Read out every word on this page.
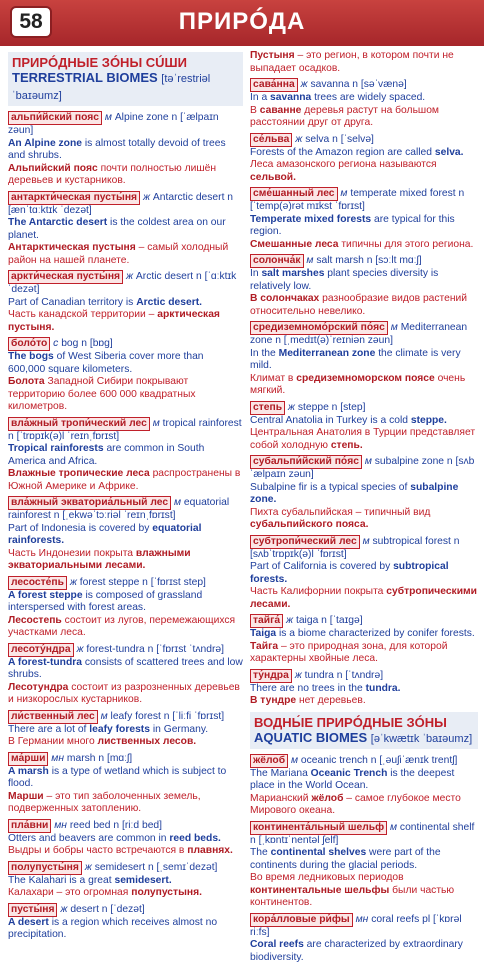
ПРИРÓДА
58
ПРИРÓДНЫЕ ЗÓНЫ СÚШИ
TERRESTRIAL BIOMES [təˈrestriəl ˈbaɪəumz]
альпи́йский пояс м Alpine zone n [ˈælpaɪn zəun]
An Alpine zone is almost totally devoid of trees and shrubs.
Альпийский пояс почти полностью лишён деревьев и кустарников.
антаркти́ческая пусты́ня ж Antarctic desert n [ænˈtɑːktɪk ˈdezət]
The Antarctic desert is the coldest area on our planet.
Антарктическая пустыня – самый холодный район на нашей планете.
аркти́ческая пусты́ня ж Arctic desert n [ˈɑːktɪk ˈdezət]
Part of Canadian territory is Arctic desert.
Часть канадской территории – арктическая пустыня.
боло́то с bog n [bɒɡ]
The bogs of West Siberia cover more than 600,000 square kilometers.
Болота Западной Сибири покрывают территорию более 600 000 квадратных километров.
вла́жный тропи́ческий лес м tropical rainforest n [ˈtrɒpɪk(ə)l ˈreɪnˌfɒrɪst]
Tropical rainforests are common in South America and Africa.
Влажные тропические леса распространены в Южной Америке и Африке.
вла́жный экваториа́льный лес м equatorial rainforest n [ˌekwəˈtɔːriəl ˈreɪnˌfɒrɪst]
Part of Indonesia is covered by equatorial rainforests.
Часть Индонезии покрыта влажными экваториальными лесами.
лесосте́пь ж forest steppe n [ˈfɒrɪst step]
A forest steppe is composed of grassland interspersed with forest areas.
Лесостепь состоит из лугов, перемежающихся участками леса.
лесоту́ндра ж forest-tundra n [ˈfɒrɪst ˈtʌndrə]
A forest-tundra consists of scattered trees and low shrubs.
Лесотундра состоит из разрозненных деревьев и низкорослых кустарников.
ли́ственный лес м leafy forest n [ˈliːfi ˈfɒrɪst]
There are a lot of leafy forests in Germany.
В Германии много лиственных лесов.
ма́рши мн marsh n [mɑːʃ]
A marsh is a type of wetland which is subject to flood.
Марши – это тип заболоченных земель, подверженных затоплению.
пла́вни мн reed bed n [riːd bed]
Otters and beavers are common in reed beds.
Выдры и бобры часто встречаются в плавнях.
полупусты́ня ж semidesert n [ˌsemɪˈdezət]
The Kalahari is a great semidesert.
Калахари – это огромная полупустыня.
пусты́ня ж desert n [ˈdezət]
A desert is a region which receives almost no precipitation.
Пустыня – это регион, в котором почти не выпадает осадков.
сава́нна ж savanna n [səˈvænə]
In a savanna trees are widely spaced.
В саванне деревья растут на большом расстоянии друг от друга.
се́львa ж selva n [ˈselvə]
Forests of the Amazon region are called selva.
Леса амазонского региона называются сельвой.
сме́шанный лес м temperate mixed forest n [ˈtemp(ə)rət mɪkst ˈfɒrɪst]
Temperate mixed forests are typical for this region.
Смешанные леса типичны для этого региона.
солонча́к м salt marsh n [sɔːlt mɑːʃ]
In salt marshes plant species diversity is relatively low.
В солончаках разнообразие видов растений относительно невелико.
средиземномо́рский по́яс м Mediterranean zone n [ˌmedɪt(ə)ˈreɪniən zəun]
In the Mediterranean zone the climate is very mild.
Климат в средиземноморском поясе очень мягкий.
степь ж steppe n [step]
Central Anatolia in Turkey is a cold steppe.
Центральная Анатолия в Турции представляет собой холодную степь.
субальпи́йский по́яс м subalpine zone n [sʌbˈælpaɪn zəun]
Subalpine fir is a typical species of subalpine zone.
Пихта субальпийская – типичный вид субальпийского пояса.
субтропи́ческий лес м subtropical forest n [sʌbˈtrɒpɪk(ə)l ˈfɒrɪst]
Part of California is covered by subtropical forests.
Часть Калифорнии покрыта субтропическими лесами.
тайга́ ж taiga n [ˈtaɪɡə]
Taiga is a biome characterized by conifer forests.
Тайга – это природная зона, для которой характерны хвойные леса.
ту́ндра ж tundra n [ˈtʌndrə]
There are no trees in the tundra.
В тундре нет деревьев.
ВОДНЫ́Е ПРИРÓДНЫЕ ЗÓНЫ
AQUATIC BIOMES [əˈkwætɪk ˈbaɪəumz]
жёлоб м oceanic trench n [ˌəuʃiˈænɪk trentʃ]
The Mariana Oceanic Trench is the deepest place in the World Ocean.
Марианский жёлоб – самое глубокое место Мирового океана.
континента́льный шельф м continental shelf n [ˌkɒntɪˈnentəl ʃelf]
The continental shelves were part of the continents during the glacial periods.
Во время ледниковых периодов континентальные шельфы были частью континентов.
кора́лловые ри́фы мн coral reefs pl [ˈkɒrəl riːfs]
Coral reefs are characterized by extraordinary biodiversity.
